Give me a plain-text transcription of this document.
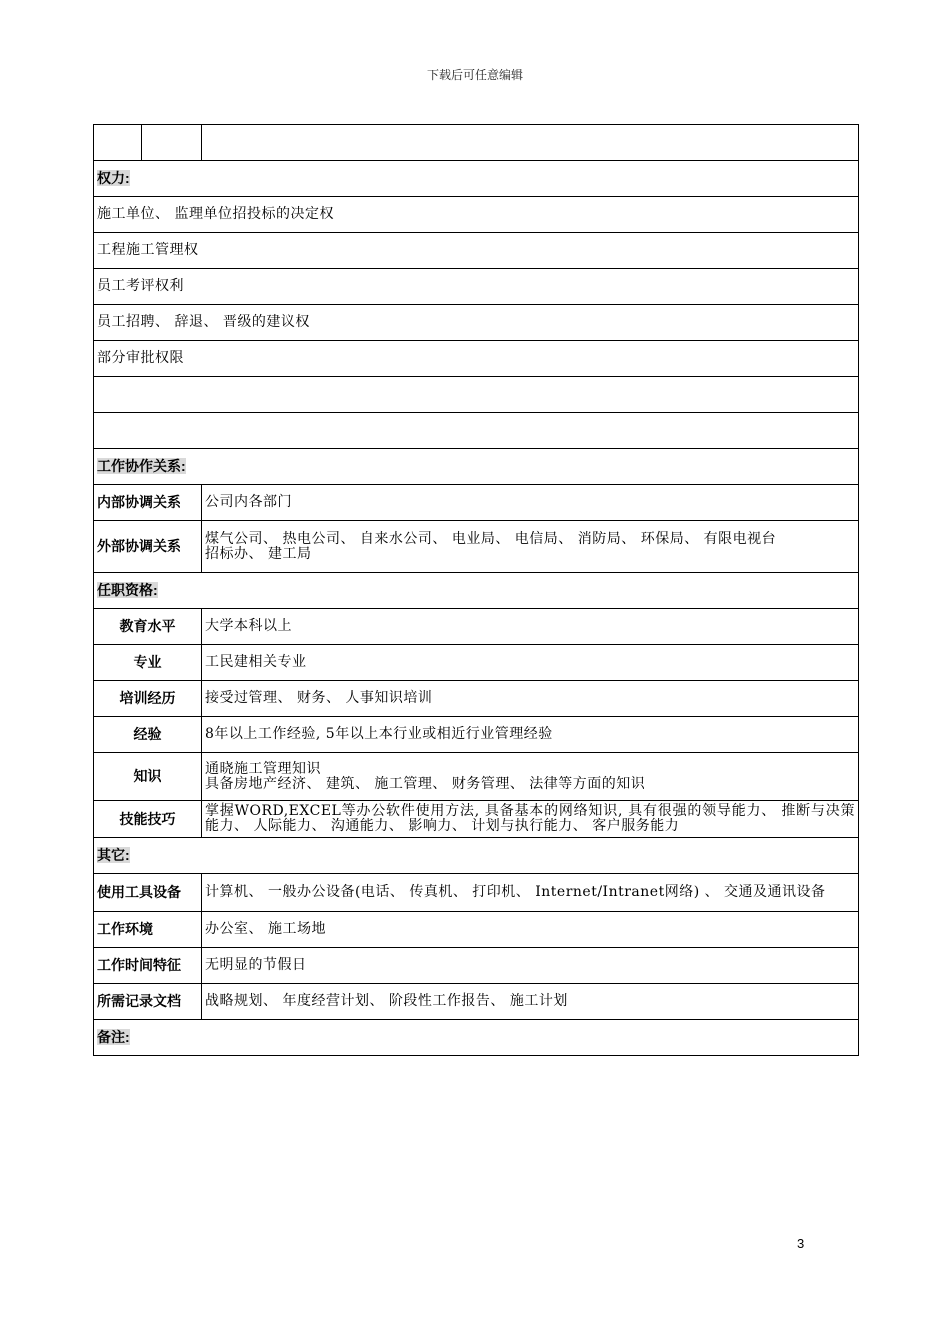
下载后可任意编辑

权力:		
施工单位、 监理单位招投标的决定权		
工程施工管理权		
员工考评权利		
员工招聘、 辞退、 晋级的建议权		
部分审批权限		

工作协作关系:		
内部协调关系		公司内各部门
外部协调关系		煤气公司、 热电公司、 自来水公司、 电业局、 电信局、 消防局、 环保局、 有限电视台
招标办、 建工局

任职资格:		
教育水平		大学本科以上
专业		工民建相关专业
培训经历		接受过管理、 财务、 人事知识培训
经验		8年以上工作经验, 5年以上本行业或相近行业管理经验
知识		通晓施工管理知识
具备房地产经济、 建筑、 施工管理、 财务管理、 法律等方面的知识

技能技巧		掌握WORD,EXCEL等办公软件使用方法, 具备基本的网络知识, 具有很强的领导能力、 推断与决策能力、 人际能力、 沟通能力、 影响力、 计划与执行能力、 客户服务能力
其它:		
使用工具设备		计算机、 一般办公设备(电话、 传真机、 打印机、 Internet/Intranet网络) 、 交通及通讯设备
工作环境		办公室、 施工场地
工作时间特征		无明显的节假日
所需记录文档		战略规划、 年度经营计划、 阶段性工作报告、 施工计划
备注:		
3
